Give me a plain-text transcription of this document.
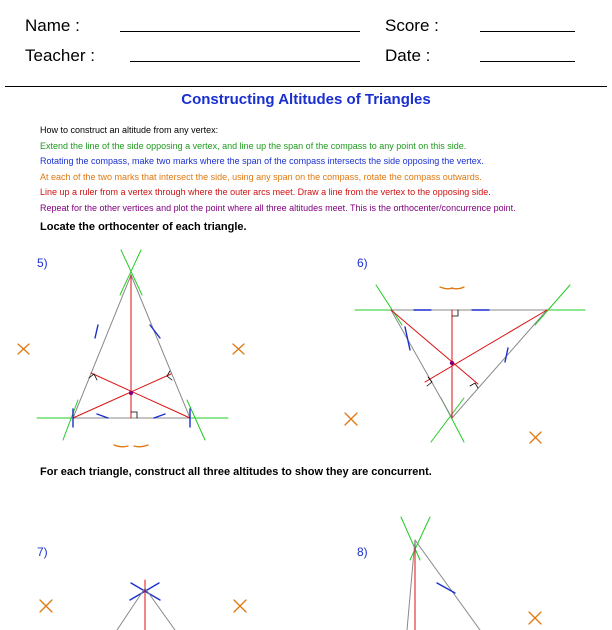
Name :	Score :
Teacher :	Date :
Constructing Altitudes of Triangles
How to construct an altitude from any vertex:
Extend the line of the side opposing a vertex, and line up the span of the compass to any point on this side.
Rotating the compass, make two marks where the span of the compass intersects the side opposing the vertex.
At each of the two marks that intersect the side, using any span on the compass, rotate the compass outwards.
Line up a ruler from a vertex through where the outer arcs meet. Draw a line from the vertex to the opposing side.
Repeat for the other vertices and plot the point where all three altitudes meet. This is the orthocenter/concurrence point.
Locate the orthocenter of each triangle.
For each triangle, construct all three altitudes to show they are concurrent.
5)	6)
7)	8)
